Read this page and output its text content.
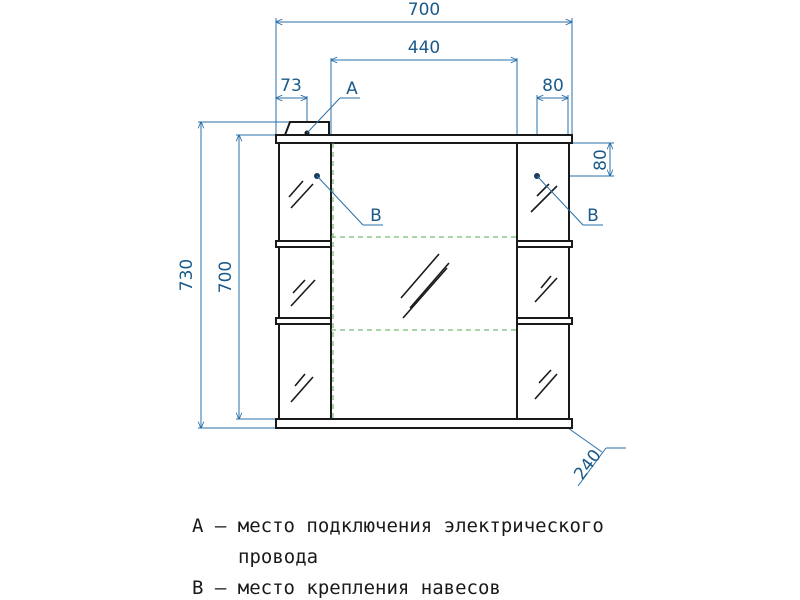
700
440
73	80
80
730 700
240
A
B	B
A – место подключения электрического
провода
B – место крепления навесов
